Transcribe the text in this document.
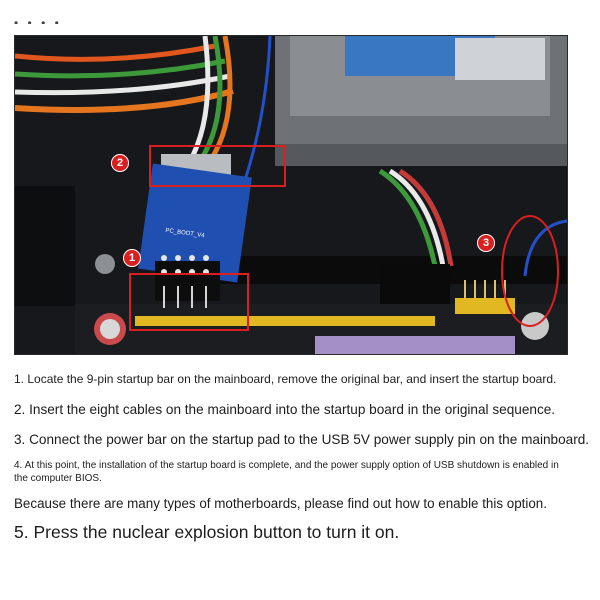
• • • •
PC_BOOT_V4
2
1
3
1. Locate the 9-pin startup bar on the mainboard, remove the original bar, and insert the startup board.
2. Insert the eight cables on the mainboard into the startup board in the original sequence.
3. Connect the power bar on the startup pad to the USB 5V power supply pin on the mainboard.
4. At this point, the installation of the startup board is complete, and the power supply option of USB shutdown is enabled in the computer BIOS.
Because there are many types of motherboards, please find out how to enable this option.
5. Press the nuclear explosion button to turn it on.
